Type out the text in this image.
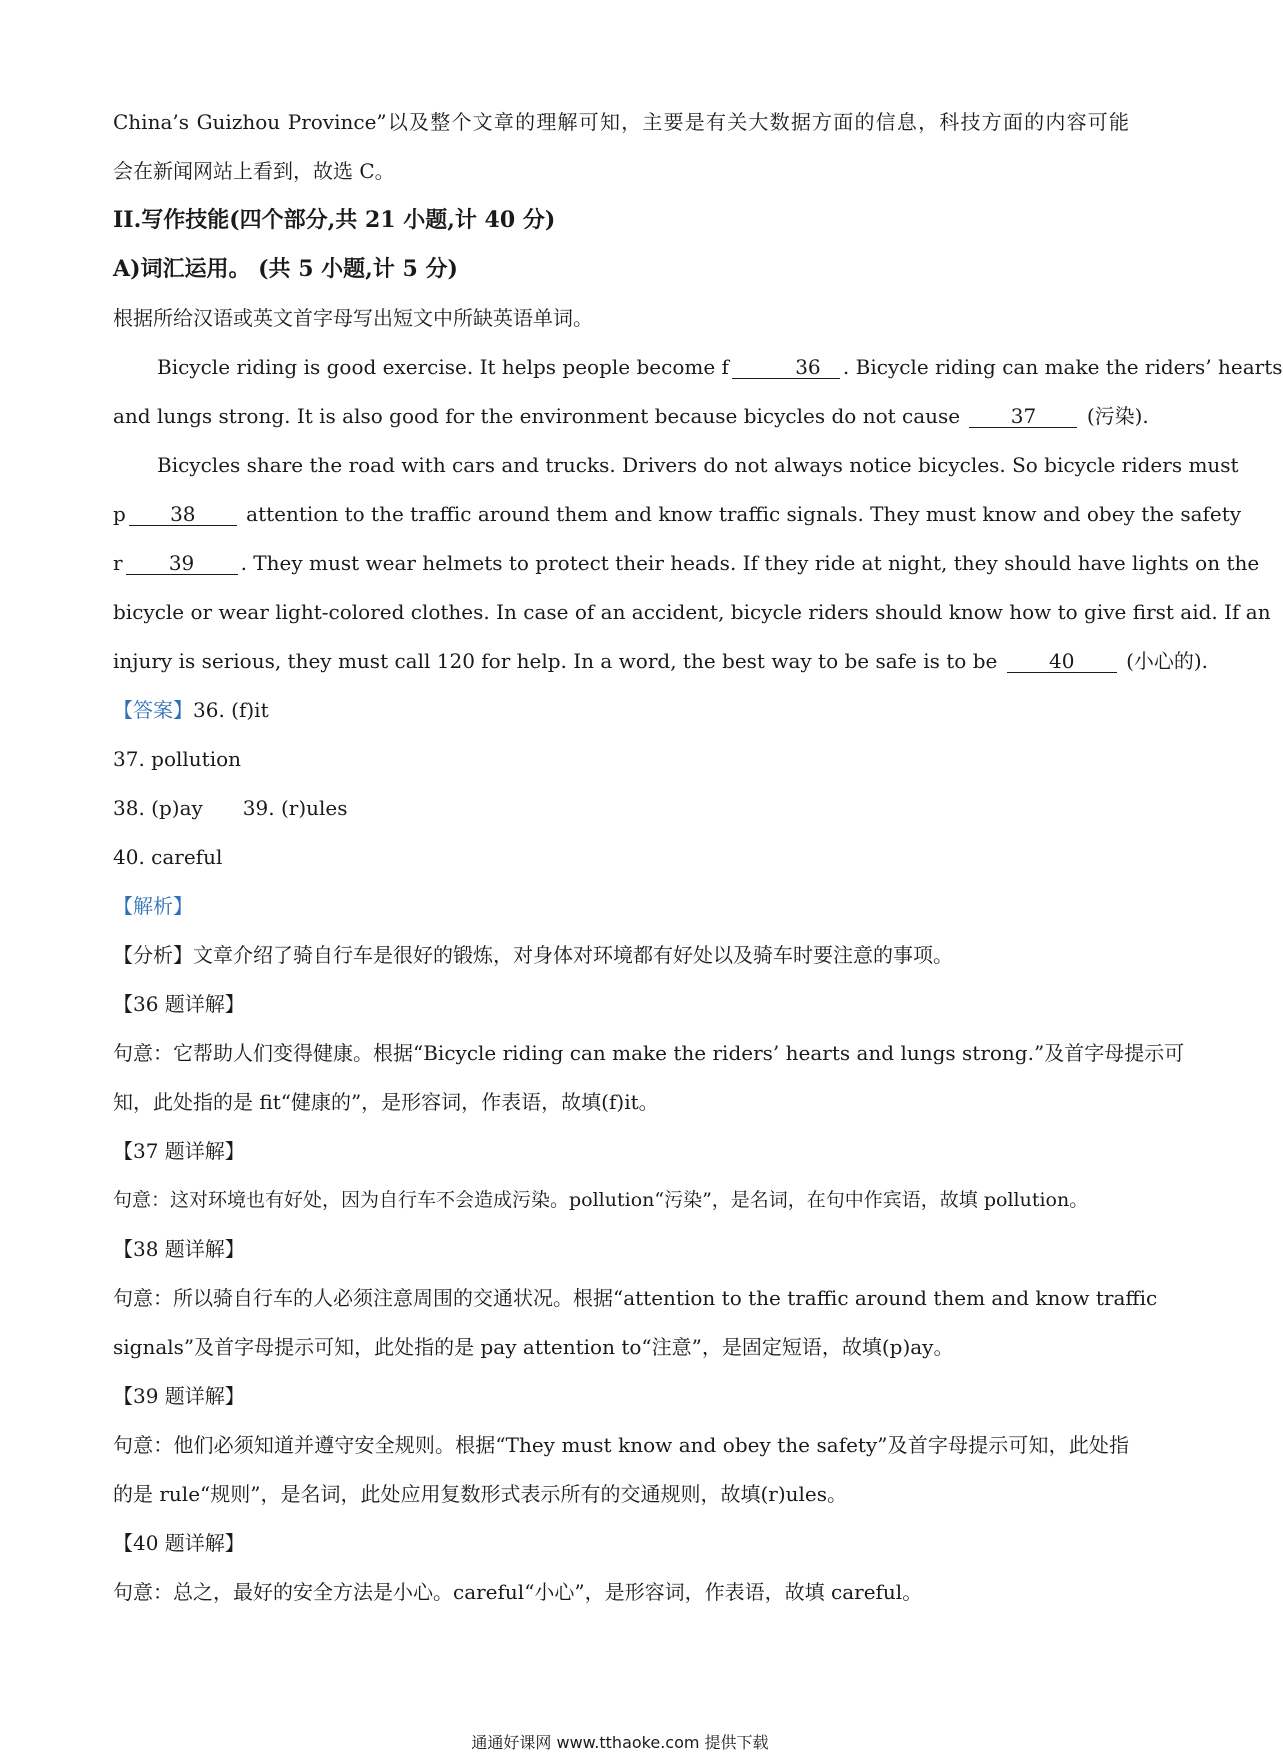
China’s Guizhou Province”以及整个文章的理解可知，主要是有关大数据方面的信息，科技方面的内容可能
会在新闻网站上看到，故选 C。
II.写作技能(四个部分,共 21 小题,计 40 分)
A)词汇运用。 (共 5 小题,计 5 分)
根据所给汉语或英文首字母写出短文中所缺英语单词。
Bicycle riding is good exercise. It helps people become f	36 . Bicycle riding can make the riders’ hearts
and lungs strong. It is also good for the environment because bicycles do not cause	37	(污染).
Bicycles share the road with cars and trucks. Drivers do not always notice bicycles. So bicycle riders must
p 38	attention to the traffic around them and know traffic signals. They must know and obey the safety
r 39 . They must wear helmets to protect their heads. If they ride at night, they should have lights on the
bicycle or wear light-colored clothes. In case of an accident, bicycle riders should know how to give first aid. If an
injury is serious, they must call 120 for help. In a word, the best way to be safe is to be	40	(小心的).
【答案】36. (f)it
37. pollution
38. (p)ay 39. (r)ules
40. careful
【解析】
【分析】文章介绍了骑自行车是很好的锻炼，对身体对环境都有好处以及骑车时要注意的事项。
【36 题详解】
句意：它帮助人们变得健康。根据“Bicycle riding can make the riders’ hearts and lungs strong.”及首字母提示可
知，此处指的是 fit“健康的”，是形容词，作表语，故填(f)it。
【37 题详解】
句意：这对环境也有好处，因为自行车不会造成污染。pollution“污染”，是名词，在句中作宾语，故填 pollution。
【38 题详解】
句意：所以骑自行车的人必须注意周围的交通状况。根据“attention to the traffic around them and know traffic
signals”及首字母提示可知，此处指的是 pay attention to“注意”，是固定短语，故填(p)ay。
【39 题详解】
句意：他们必须知道并遵守安全规则。根据“They must know and obey the safety”及首字母提示可知，此处指
的是 rule“规则”，是名词，此处应用复数形式表示所有的交通规则，故填(r)ules。
【40 题详解】
句意：总之，最好的安全方法是小心。careful“小心”，是形容词，作表语，故填 careful。
通通好课网 www.tthaoke.com 提供下载
